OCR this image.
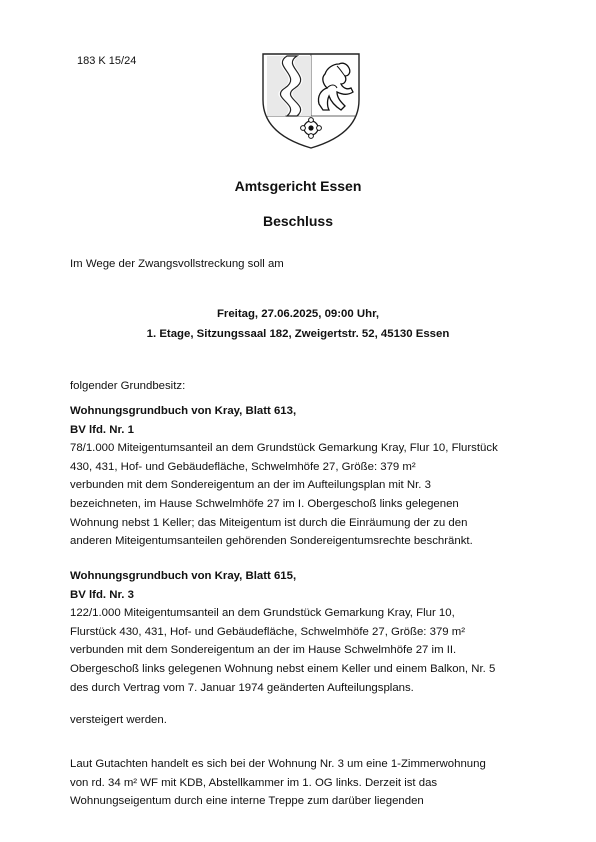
183 K 15/24
Amtsgericht Essen
Beschluss
Im Wege der Zwangsvollstreckung soll am
Freitag, 27.06.2025, 09:00 Uhr,
1. Etage, Sitzungssaal 182, Zweigertstr. 52, 45130 Essen
folgender Grundbesitz:
Wohnungsgrundbuch von Kray, Blatt 613,
BV lfd. Nr. 1
78/1.000 Miteigentumsanteil an dem Grundstück Gemarkung Kray, Flur 10, Flurstück
430, 431, Hof- und Gebäudefläche, Schwelmhöfe 27, Größe: 379 m²
verbunden mit dem Sondereigentum an der im Aufteilungsplan mit Nr. 3
bezeichneten, im Hause Schwelmhöfe 27 im I. Obergeschoß links gelegenen
Wohnung nebst 1 Keller; das Miteigentum ist durch die Einräumung der zu den
anderen Miteigentumsanteilen gehörenden Sondereigentumsrechte beschränkt.
Wohnungsgrundbuch von Kray, Blatt 615,
BV lfd. Nr. 3
122/1.000 Miteigentumsanteil an dem Grundstück Gemarkung Kray, Flur 10,
Flurstück 430, 431, Hof- und Gebäudefläche, Schwelmhöfe 27, Größe: 379 m²
verbunden mit dem Sondereigentum an der im Hause Schwelmhöfe 27 im II.
Obergeschoß links gelegenen Wohnung nebst einem Keller und einem Balkon, Nr. 5
des durch Vertrag vom 7. Januar 1974 geänderten Aufteilungsplans.
versteigert werden.
Laut Gutachten handelt es sich bei der Wohnung Nr. 3 um eine 1-Zimmerwohnung
von rd. 34 m² WF mit KDB, Abstellkammer im 1. OG links. Derzeit ist das
Wohnungseigentum durch eine interne Treppe zum darüber liegenden
